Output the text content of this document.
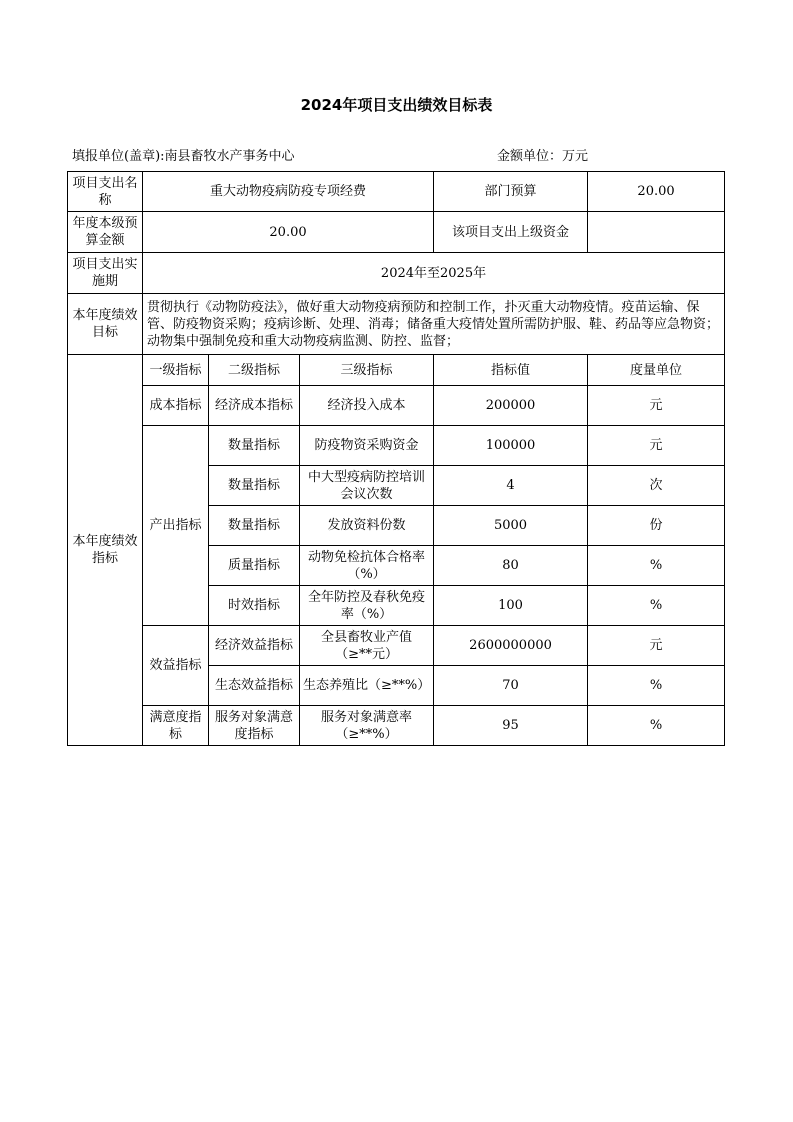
2024年项目支出绩效目标表
填报单位(盖章):南县畜牧水产事务中心	金额单位：万元
项目支出名称	重大动物疫病防疫专项经费			部门预算	20.00
年度本级预算金额	20.00			该项目支出上级资金	
项目支出实施期	2024年至2025年				
本年度绩效目标	贯彻执行《动物防疫法》，做好重大动物疫病预防和控制工作，扑灭重大动物疫情。疫苗运输、保管、防疫物资采购；疫病诊断、处理、消毒；储备重大疫情处置所需防护服、鞋、药品等应急物资；动物集中强制免疫和重大动物疫病监测、防控、监督；				
本年度绩效指标	一级指标	二级指标	三级指标	指标值	度量单位
	成本指标	经济成本指标	经济投入成本	200000	元
	产出指标	数量指标	防疫物资采购资金	100000	元
		数量指标	中大型疫病防控培训会议次数	4	次
		数量指标	发放资料份数	5000	份
		质量指标	动物免检抗体合格率（%）	80	%
		时效指标	全年防控及春秋免疫率（%）	100	%
	效益指标	经济效益指标	全县畜牧业产值（≥**元）	2600000000	元
		生态效益指标	生态养殖比（≥**%）	70	%
	满意度指标	服务对象满意度指标	服务对象满意率（≥**%）	95	%
